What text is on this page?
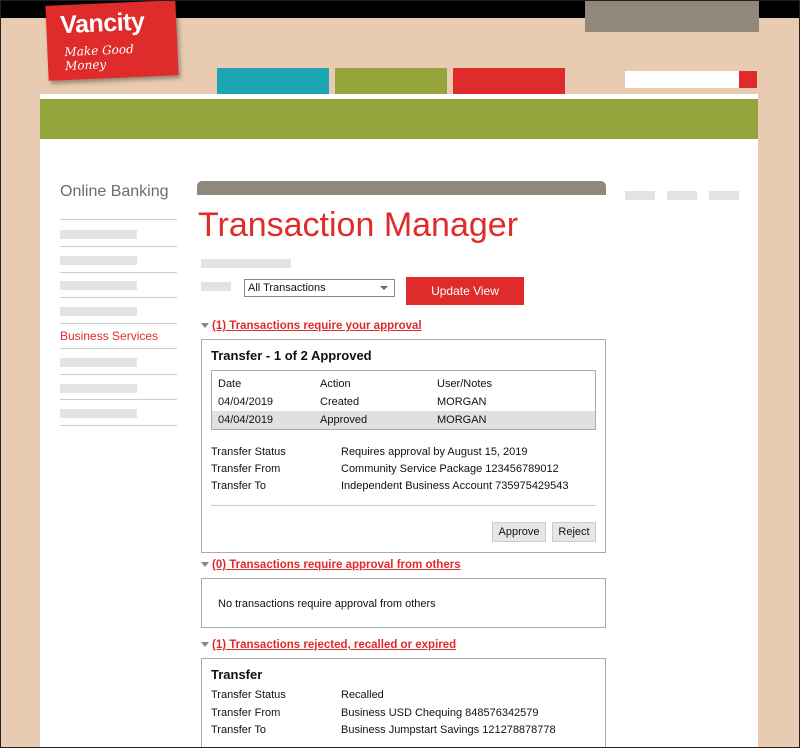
Vancity
Make Good Money
Online Banking
Business Services
Transaction Manager
All Transactions	Update View
(1) Transactions require your approval
Transfer - 1 of 2 Approved
Date	Action	User/Notes
04/04/2019	Created	MORGAN
04/04/2019	Approved	MORGAN
Transfer Status	Requires approval by August 15, 2019
Transfer From	Community Service Package 123456789012
Transfer To	Independent Business Account 735975429543
Approve	Reject
(0) Transactions require approval from others
No transactions require approval from others
(1) Transactions rejected, recalled or expired
Transfer
Transfer Status	Recalled
Transfer From	Business USD Chequing 848576342579
Transfer To	Business Jumpstart Savings 121278878778
